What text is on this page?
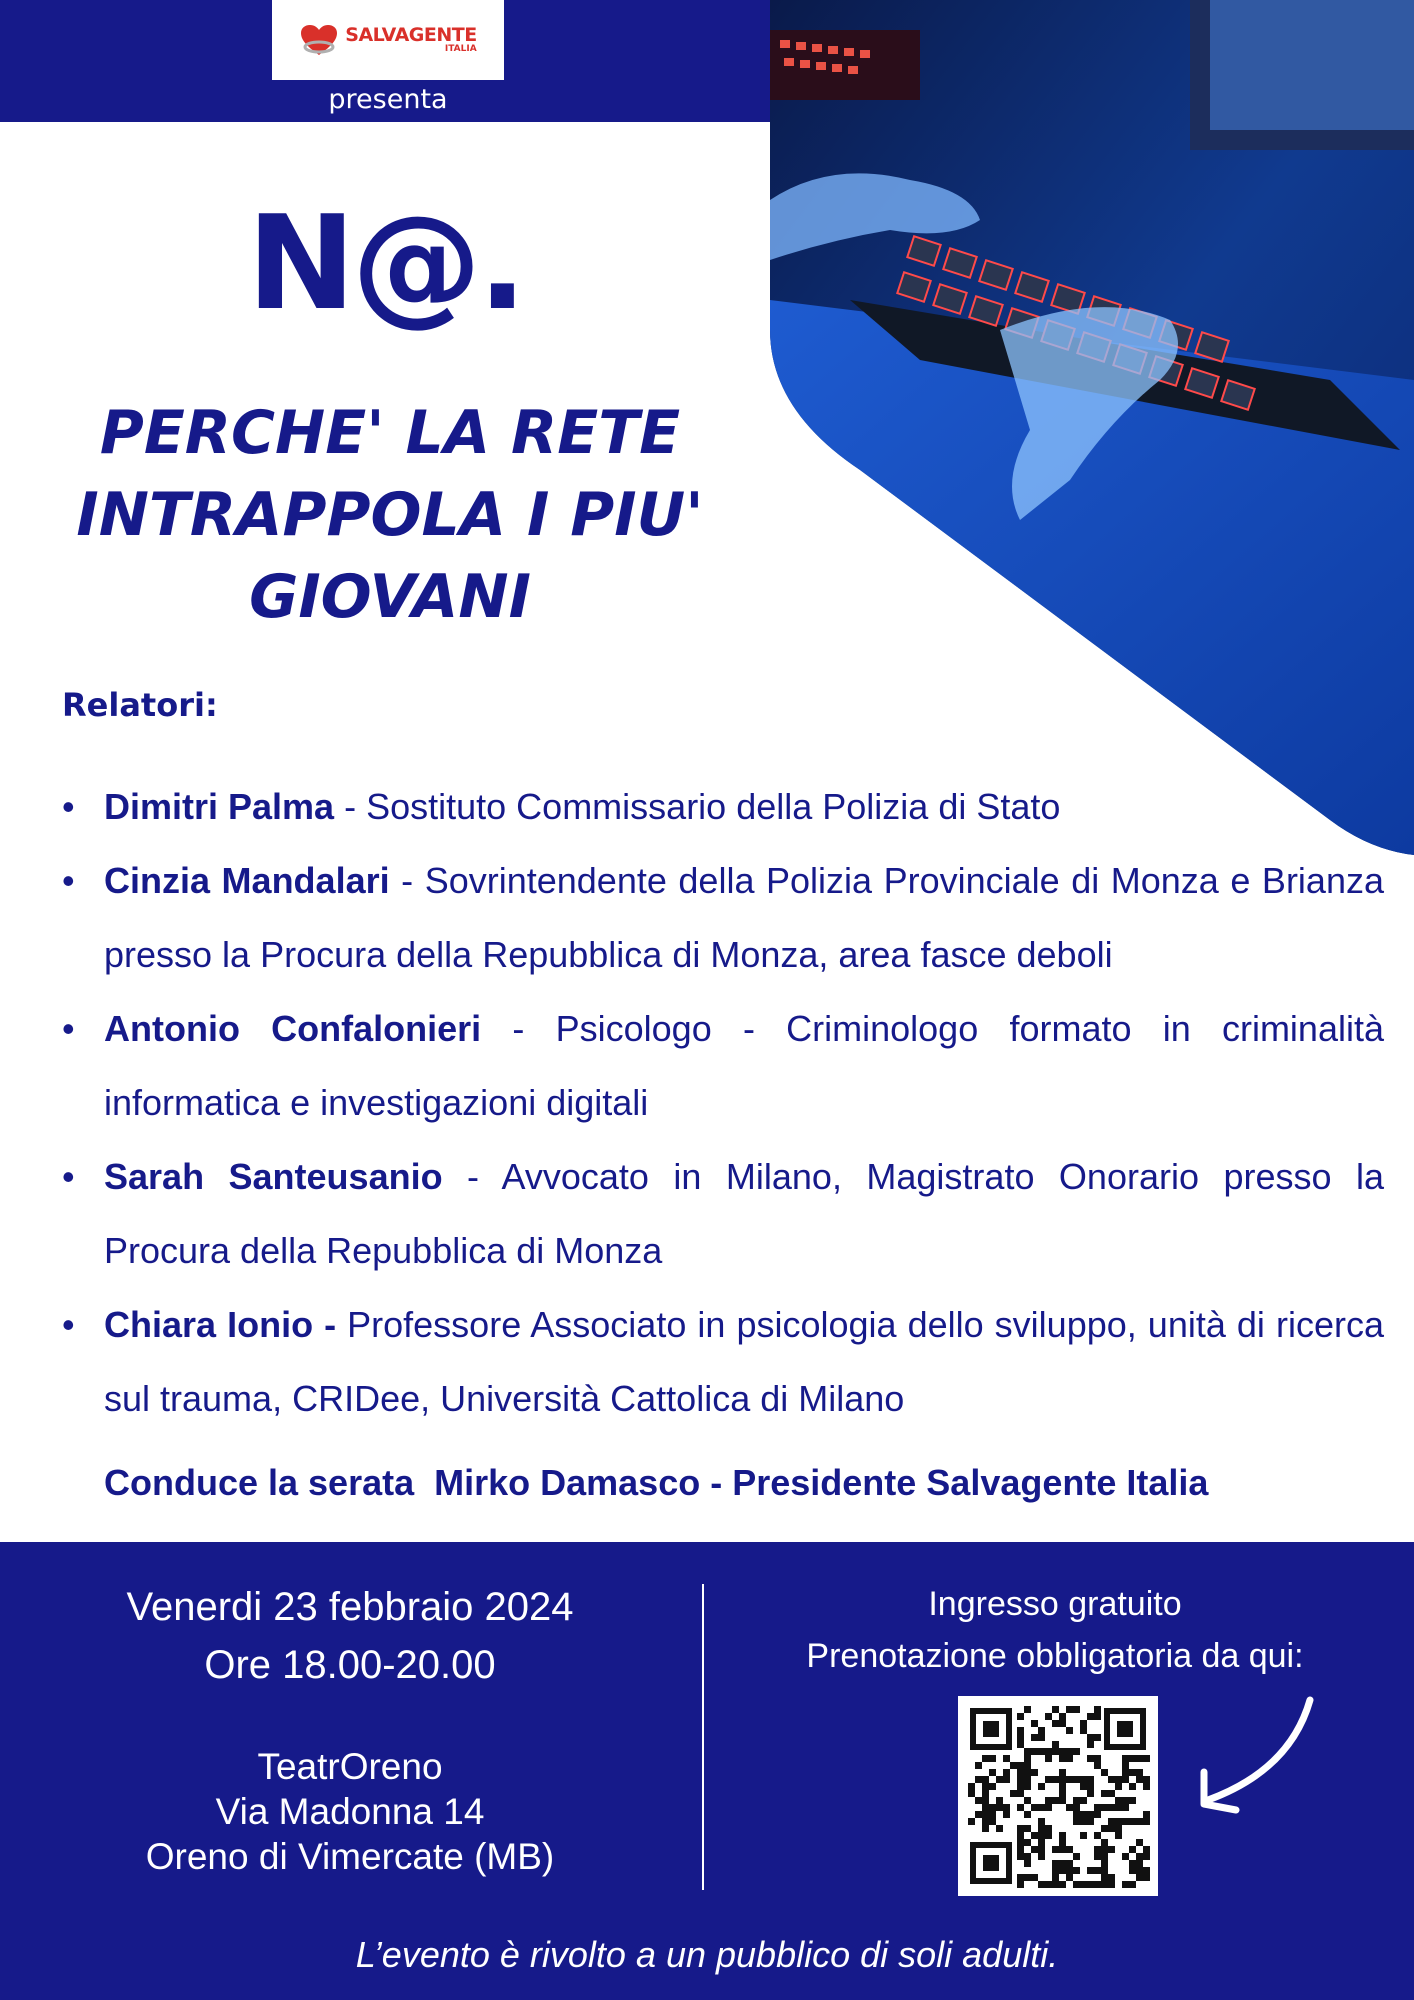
SALVAGENTE
ITALIA
presenta
N@.
PERCHE' LA RETE
INTRAPPOLA I PIU'
GIOVANI
Relatori:
• Dimitri Palma - Sostituto Commissario della Polizia di Stato
• Cinzia Mandalari - Sovrintendente della Polizia Provinciale di Monza e Brianza presso la Procura della Repubblica di Monza, area fasce deboli
• Antonio Confalonieri - Psicologo - Criminologo formato in criminalità informatica e investigazioni digitali
• Sarah Santeusanio - Avvocato in Milano, Magistrato Onorario presso la Procura della Repubblica di Monza
• Chiara Ionio - Professore Associato in psicologia dello sviluppo, unità di ricerca sul trauma, CRIDee, Università Cattolica di Milano
Conduce la serata  Mirko Damasco - Presidente Salvagente Italia
Venerdi 23 febbraio 2024
Ore 18.00-20.00
TeatrOreno
Via Madonna 14
Oreno di Vimercate (MB)
Ingresso gratuito
Prenotazione obbligatoria da qui:
L’evento è rivolto a un pubblico di soli adulti.
